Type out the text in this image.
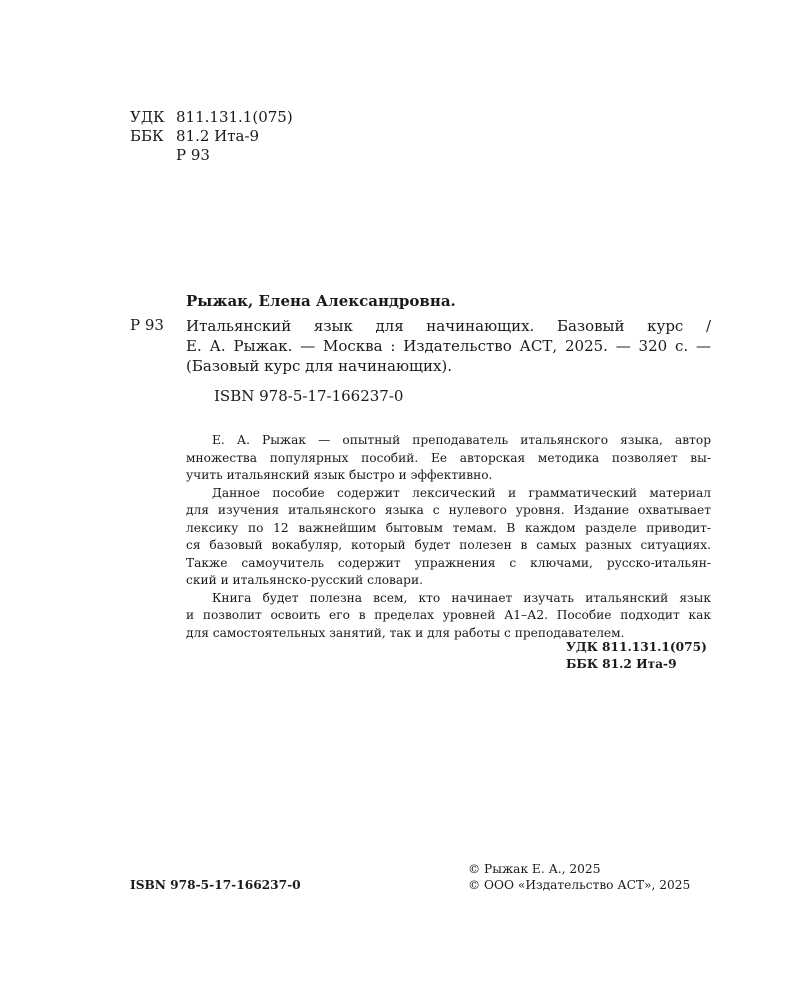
УДК 811.131.1(075)
ББК 81.2 Ита-9
Р 93
Рыжак, Елена Александровна.
Р 93 Итальянский язык для начинающих. Базовый курс /
Е. А. Рыжак. — Москва : Издательство АСТ, 2025. — 320 с. —
(Базовый курс для начинающих).
ISBN 978-5-17-166237-0
Е. А. Рыжак — опытный преподаватель итальянского языка, автор
множества популярных пособий. Ее авторская методика позволяет вы-
учить итальянский язык быстро и эффективно.
Данное пособие содержит лексический и грамматический материал
для изучения итальянского языка с нулевого уровня. Издание охватывает
лексику по 12 важнейшим бытовым темам. В каждом разделе приводит-
ся базовый вокабуляр, который будет полезен в самых разных ситуациях.
Также самоучитель содержит упражнения с ключами, русско-итальян-
ский и итальянско-русский словари.
Книга будет полезна всем, кто начинает изучать итальянский язык
и позволит освоить его в пределах уровней А1–А2. Пособие подходит как
для самостоятельных занятий, так и для работы с преподавателем.
УДК 811.131.1(075)
ББК 81.2 Ита-9
ISBN 978-5-17-166237-0
© Рыжак Е. А., 2025
© ООО «Издательство АСТ», 2025
